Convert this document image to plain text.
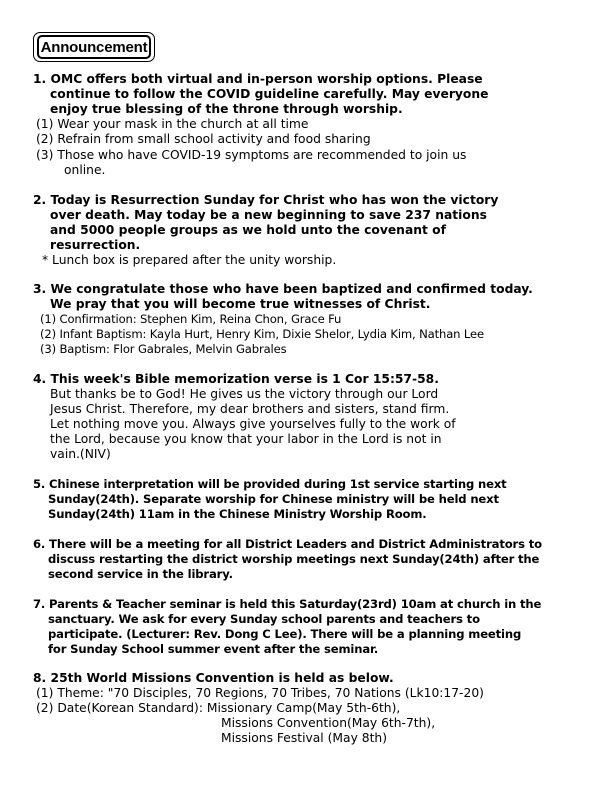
Announcement
1. OMC offers both virtual and in-person worship options. Please
continue to follow the COVID guideline carefully. May everyone
enjoy true blessing of the throne through worship.
(1) Wear your mask in the church at all time
(2) Refrain from small school activity and food sharing
(3) Those who have COVID-19 symptoms are recommended to join us
online.
2. Today is Resurrection Sunday for Christ who has won the victory
over death. May today be a new beginning to save 237 nations
and 5000 people groups as we hold unto the covenant of
resurrection.
* Lunch box is prepared after the unity worship.
3. We congratulate those who have been baptized and confirmed today.
We pray that you will become true witnesses of Christ.
(1) Confirmation: Stephen Kim, Reina Chon, Grace Fu
(2) Infant Baptism: Kayla Hurt, Henry Kim, Dixie Shelor, Lydia Kim, Nathan Lee
(3) Baptism: Flor Gabrales, Melvin Gabrales
4. This week's Bible memorization verse is 1 Cor 15:57-58.
But thanks be to God! He gives us the victory through our Lord
Jesus Christ. Therefore, my dear brothers and sisters, stand firm.
Let nothing move you. Always give yourselves fully to the work of
the Lord, because you know that your labor in the Lord is not in
vain.(NIV)
5. Chinese interpretation will be provided during 1st service starting next
Sunday(24th). Separate worship for Chinese ministry will be held next
Sunday(24th) 11am in the Chinese Ministry Worship Room.
6. There will be a meeting for all District Leaders and District Administrators to
discuss restarting the district worship meetings next Sunday(24th) after the
second service in the library.
7. Parents & Teacher seminar is held this Saturday(23rd) 10am at church in the
sanctuary. We ask for every Sunday school parents and teachers to
participate. (Lecturer: Rev. Dong C Lee). There will be a planning meeting
for Sunday School summer event after the seminar.
8. 25th World Missions Convention is held as below.
(1) Theme: "70 Disciples, 70 Regions, 70 Tribes, 70 Nations (Lk10:17-20)
(2) Date(Korean Standard): Missionary Camp(May 5th-6th),
Missions Convention(May 6th-7th),
Missions Festival (May 8th)
